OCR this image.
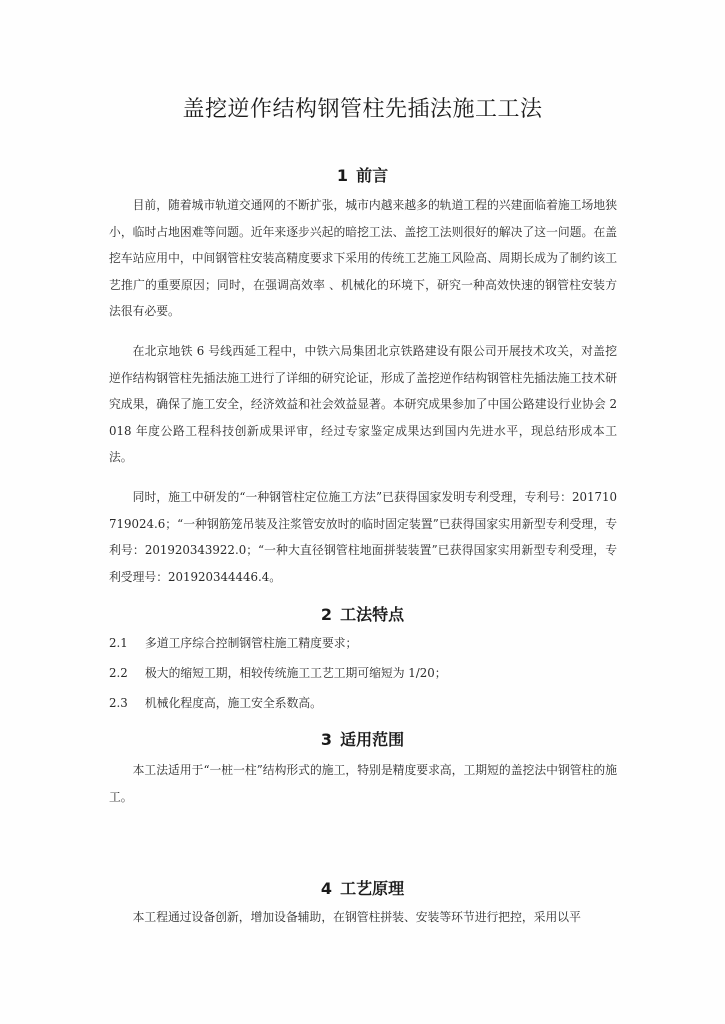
盖挖逆作结构钢管柱先插法施工工法
1 前言

目前，随着城市轨道交通网的不断扩张，城市内越来越多的轨道工程的兴建面临着施工场地狭小，临时占地困难等问题。近年来逐步兴起的暗挖工法、盖挖工法则很好的解决了这一问题。在盖挖车站应用中，中间钢管柱安装高精度要求下采用的传统工艺施工风险高、周期长成为了制约该工艺推广的重要原因；同时，在强调高效率 、机械化的环境下，研究一种高效快速的钢管柱安装方法很有必要。

在北京地铁 6 号线西延工程中，中铁六局集团北京铁路建设有限公司开展技术攻关，对盖挖逆作结构钢管柱先插法施工进行了详细的研究论证，形成了盖挖逆作结构钢管柱先插法施工技术研究成果，确保了施工安全，经济效益和社会效益显著。本研究成果参加了中国公路建设行业协会 2018 年度公路工程科技创新成果评审，经过专家鉴定成果达到国内先进水平，现总结形成本工法。

同时，施工中研发的“一种钢管柱定位施工方法”已获得国家发明专利受理，专利号：201710719024.6；“一种钢筋笼吊装及注浆管安放时的临时固定装置”已获得国家实用新型专利受理，专利号：201920343922.0；“一种大直径钢管柱地面拼装装置”已获得国家实用新型专利受理，专利受理号：201920344446.4。

2 工法特点
2.1 多道工序综合控制钢管柱施工精度要求；
2.2 极大的缩短工期，相较传统施工工艺工期可缩短为 1/20；
2.3 机械化程度高，施工安全系数高。
3 适用范围

本工法适用于“一桩一柱”结构形式的施工，特别是精度要求高，工期短的盖挖法中钢管柱的施工。

4 工艺原理

本工程通过设备创新，增加设备辅助，在钢管柱拼装、安装等环节进行把控，采用以平
